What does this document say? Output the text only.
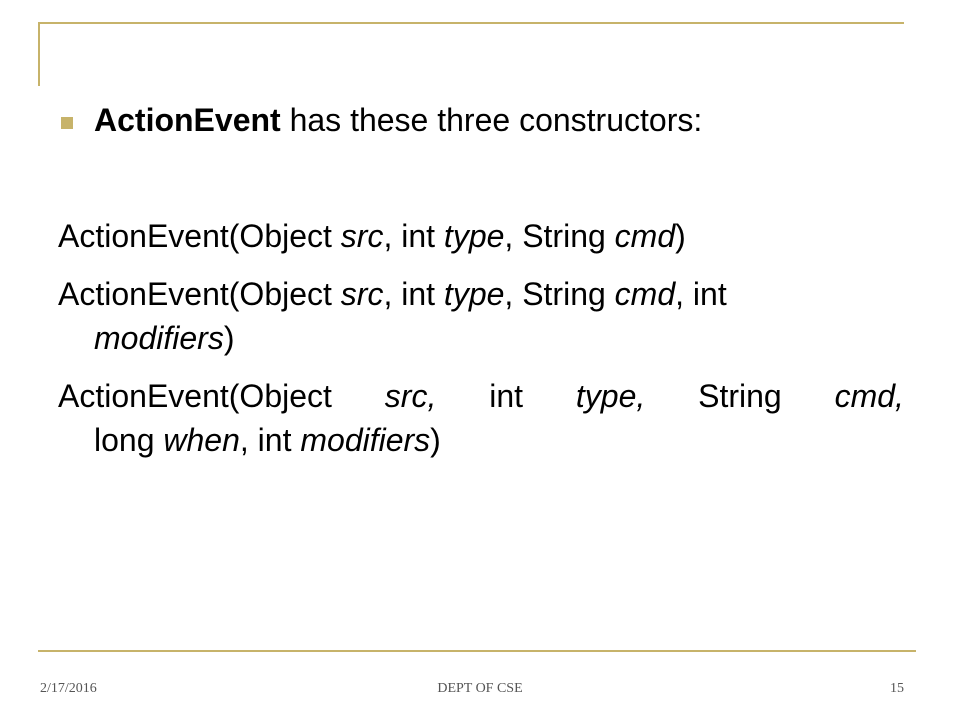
ActionEvent has these three constructors:
ActionEvent(Object src, int type, String cmd)
ActionEvent(Object src, int type, String cmd, int
modifiers)
ActionEvent(Object src, int type, String cmd,
long when, int modifiers)
2/17/2016	DEPT OF CSE	15
